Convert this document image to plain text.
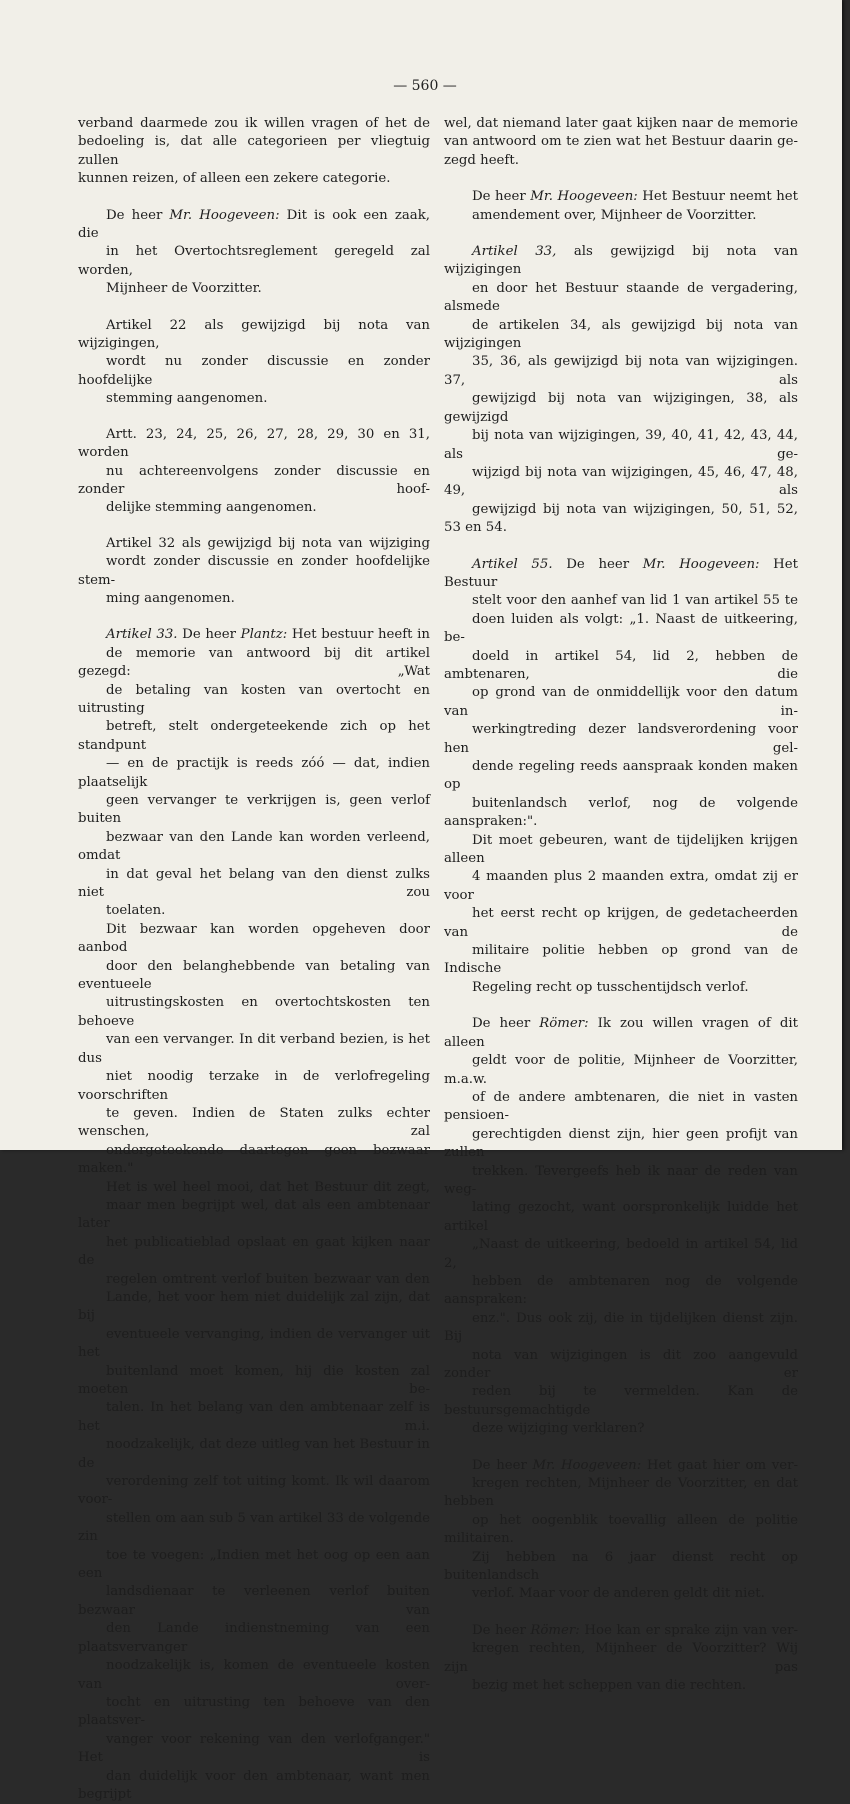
— 560 —

verband daarmede zou ik willen vragen of het de
bedoeling is, dat alle categorieen per vliegtuig zullen
kunnen reizen, of alleen een zekere categorie.

De heer Mr. Hoogeveen: Dit is ook een zaak, die
in het Overtochtsreglement geregeld zal worden,
Mijnheer de Voorzitter.

Artikel 22 als gewijzigd bij nota van wijzigingen,
wordt nu zonder discussie en zonder hoofdelijke
stemming aangenomen.

Artt. 23, 24, 25, 26, 27, 28, 29, 30 en 31, worden
nu achtereenvolgens zonder discussie en zonder hoof-
delijke stemming aangenomen.

Artikel 32 als gewijzigd bij nota van wijziging
wordt zonder discussie en zonder hoofdelijke stem-
ming aangenomen.

Artikel 33. De heer Plantz: Het bestuur heeft in
de memorie van antwoord bij dit artikel gezegd: „Wat
de betaling van kosten van overtocht en uitrusting
betreft, stelt ondergeteekende zich op het standpunt
— en de practijk is reeds zóó — dat, indien plaatselijk
geen vervanger te verkrijgen is, geen verlof buiten
bezwaar van den Lande kan worden verleend, omdat
in dat geval het belang van den dienst zulks niet zou
toelaten.

Dit bezwaar kan worden opgeheven door aanbod
door den belanghebbende van betaling van eventueele
uitrustingskosten en overtochtskosten ten behoeve
van een vervanger. In dit verband bezien, is het dus
niet noodig terzake in de verlofregeling voorschriften
te geven. Indien de Staten zulks echter wenschen, zal
ondergeteekende daartegen geen bezwaar maken."

Het is wel heel mooi, dat het Bestuur dit zegt,
maar men begrijpt wel, dat als een ambtenaar later
het publicatieblad opslaat en gaat kijken naar de
regelen omtrent verlof buiten bezwaar van den
Lande, het voor hem niet duidelijk zal zijn, dat bij
eventueele vervanging, indien de vervanger uit het
buitenland moet komen, hij die kosten zal moeten be-
talen. In het belang van den ambtenaar zelf is het m.i.
noodzakelijk, dat deze uitleg van het Bestuur in de
verordening zelf tot uiting komt. Ik wil daarom voor-
stellen om aan sub 5 van artikel 33 de volgende zin
toe te voegen: „Indien met het oog op een aan een
landsdienaar te verleenen verlof buiten bezwaar van
den Lande indienstneming van een plaatsvervanger
noodzakelijk is, komen de eventueele kosten van over-
tocht en uitrusting ten behoeve van den plaatsver-
vanger voor rekening van den verlofganger." Het is
dan duidelijk voor den ambtenaar, want men begrijpt

wel, dat niemand later gaat kijken naar de memorie
van antwoord om te zien wat het Bestuur daarin ge-
zegd heeft.

De heer Mr. Hoogeveen: Het Bestuur neemt het
amendement over, Mijnheer de Voorzitter.

Artikel 33, als gewijzigd bij nota van wijzigingen
en door het Bestuur staande de vergadering, alsmede
de artikelen 34, als gewijzigd bij nota van wijzigingen
35, 36, als gewijzigd bij nota van wijzigingen. 37, als
gewijzigd bij nota van wijzigingen, 38, als gewijzigd
bij nota van wijzigingen, 39, 40, 41, 42, 43, 44, als ge-
wijzigd bij nota van wijzigingen, 45, 46, 47, 48, 49, als
gewijzigd bij nota van wijzigingen, 50, 51, 52, 53 en 54.

Artikel 55. De heer Mr. Hoogeveen: Het Bestuur
stelt voor den aanhef van lid 1 van artikel 55 te
doen luiden als volgt: „1. Naast de uitkeering, be-
doeld in artikel 54, lid 2, hebben de ambtenaren, die
op grond van de onmiddellijk voor den datum van in-
werkingtreding dezer landsverordening voor hen gel-
dende regeling reeds aanspraak konden maken op
buitenlandsch verlof, nog de volgende aanspraken:".
Dit moet gebeuren, want de tijdelijken krijgen alleen
4 maanden plus 2 maanden extra, omdat zij er voor
het eerst recht op krijgen, de gedetacheerden van de
militaire politie hebben op grond van de Indische
Regeling recht op tusschentijdsch verlof.

De heer Römer: Ik zou willen vragen of dit alleen
geldt voor de politie, Mijnheer de Voorzitter, m.a.w.
of de andere ambtenaren, die niet in vasten pensioen-
gerechtigden dienst zijn, hier geen profijt van zullen
trekken. Tevergeefs heb ik naar de reden van weg-
lating gezocht, want oorspronkelijk luidde het artikel
„Naast de uitkeering, bedoeld in artikel 54, lid 2,
hebben de ambtenaren nog de volgende aanspraken:
enz.". Dus ook zij, die in tijdelijken dienst zijn. Bij
nota van wijzigingen is dit zoo aangevuld zonder er
reden bij te vermelden. Kan de bestuursgemachtigde
deze wijziging verklaren?

De heer Mr. Hoogeveen: Het gaat hier om ver-
kregen rechten, Mijnheer de Voorzitter, en dat hebben
op het oogenblik toevallig alleen de politie militairen.
Zij hebben na 6 jaar dienst recht op buitenlandsch
verlof. Maar voor de anderen geldt dit niet.

De heer Römer: Hoe kan er sprake zijn van ver-
kregen rechten, Mijnheer de Voorzitter? Wij zijn pas
bezig met het scheppen van die rechten.
